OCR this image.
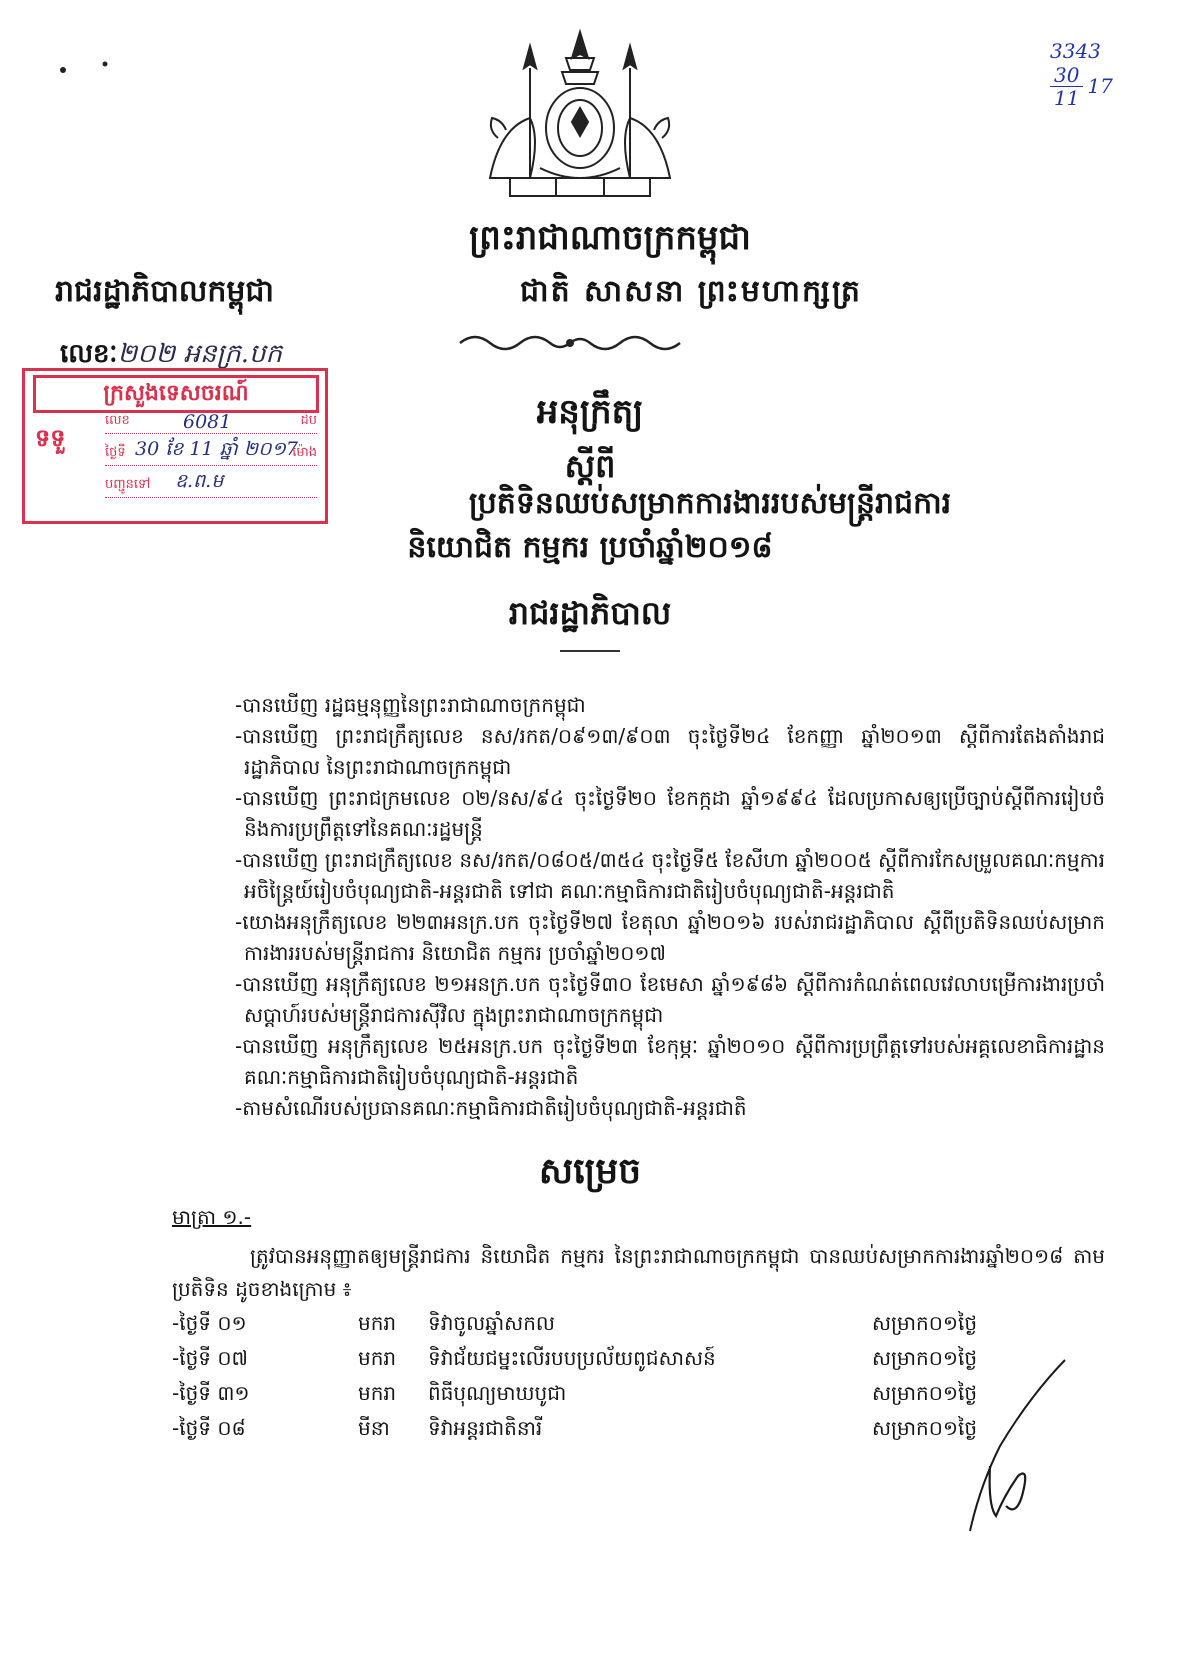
ព្រះរាជាណាចក្រកម្ពុជា
រាជរដ្ឋាភិបាលកម្ពុជា	ជាតិ សាសនា ព្រះមហាក្សត្រ
លេខៈ២០២ អនក្រ.បក
3343
$\frac{30}{11} 17$
ក្រសួងទេសចរណ៍
ទទួ
លេខ	6081	ដប
ថ្ងៃទី 30 ខែ 11 ឆ្នាំ ២០១7
ម៉ោង
បញ្ជូនទៅ ឧ.ព.ម
អនុក្រឹត្យ
ស្ដីពី
ប្រតិទិនឈប់សម្រាកការងាររបស់មន្ត្រីរាជការ
និយោជិត កម្មករ ប្រចាំឆ្នាំ២០១៨
រាជរដ្ឋាភិបាល
-បានឃើញ រដ្ឋធម្មនុញ្ញនៃព្រះរាជាណាចក្រកម្ពុជា
-បានឃើញ ព្រះរាជក្រឹត្យលេខ នស/រកត/០៩១៣/៩០៣ ចុះថ្ងៃទី២៤ ខែកញ្ញា ឆ្នាំ២០១៣ ស្ដីពីការតែងតាំងរាជរដ្ឋាភិបាល នៃព្រះរាជាណាចក្រកម្ពុជា
-បានឃើញ ព្រះរាជក្រមលេខ ០២/នស/៩៤ ចុះថ្ងៃទី២០ ខែកក្កដា ឆ្នាំ១៩៩៤ ដែលប្រកាសឲ្យប្រើច្បាប់ស្ដីពីការរៀបចំ និងការប្រព្រឹត្តទៅនៃគណៈរដ្ឋមន្ត្រី
-បានឃើញ ព្រះរាជក្រឹត្យលេខ នស/រកត/០៨០៥/៣៥៤ ចុះថ្ងៃទី៥ ខែសីហា ឆ្នាំ២០០៥ ស្ដីពីការកែសម្រួលគណៈកម្មការអចិន្ត្រៃយ៍រៀបចំបុណ្យជាតិ-អន្តរជាតិ ទៅជា គណៈកម្មាធិការជាតិរៀបចំបុណ្យជាតិ-អន្តរជាតិ
-យោងអនុក្រឹត្យលេខ ២២៣អនក្រ.បក ចុះថ្ងៃទី២៧ ខែតុលា ឆ្នាំ២០១៦ របស់រាជរដ្ឋាភិបាល ស្ដីពីប្រតិទិនឈប់សម្រាកការងាររបស់មន្ត្រីរាជការ និយោជិត កម្មករ ប្រចាំឆ្នាំ២០១៧
-បានឃើញ អនុក្រឹត្យលេខ ២១អនក្រ.បក ចុះថ្ងៃទី៣០ ខែមេសា ឆ្នាំ១៩៨៦ ស្ដីពីការកំណត់ពេលវេលាបម្រើការងារប្រចាំសប្ដាហ៍របស់មន្ត្រីរាជការស៊ីវិល ក្នុងព្រះរាជាណាចក្រកម្ពុជា
-បានឃើញ អនុក្រឹត្យលេខ ២៥អនក្រ.បក ចុះថ្ងៃទី២៣ ខែកុម្ភៈ ឆ្នាំ២០១០ ស្ដីពីការប្រព្រឹត្តទៅរបស់អគ្គលេខាធិការដ្ឋាន គណៈកម្មាធិការជាតិរៀបចំបុណ្យជាតិ-អន្តរជាតិ
-តាមសំណើរបស់ប្រធានគណៈកម្មាធិការជាតិរៀបចំបុណ្យជាតិ-អន្តរជាតិ
សម្រេច
មាត្រា ១.-
ត្រូវបានអនុញ្ញាតឲ្យមន្ត្រីរាជការ និយោជិត កម្មករ នៃព្រះរាជាណាចក្រកម្ពុជា បានឈប់សម្រាកការងារឆ្នាំ២០១៨ តាមប្រតិទិន ដូចខាងក្រោម ៖
-ថ្ងៃទី ០១	មករា ទិវាចូលឆ្នាំសកល	សម្រាក០១ថ្ងៃ
-ថ្ងៃទី ០៧	មករា ទិវាជ័យជម្នះលើរបបប្រល័យពូជសាសន៍	សម្រាក០១ថ្ងៃ
-ថ្ងៃទី ៣១	មករា ពិធីបុណ្យមាឃបូជា	សម្រាក០១ថ្ងៃ
-ថ្ងៃទី ០៨	មីនា ទិវាអន្តរជាតិនារី	សម្រាក០១ថ្ងៃ
